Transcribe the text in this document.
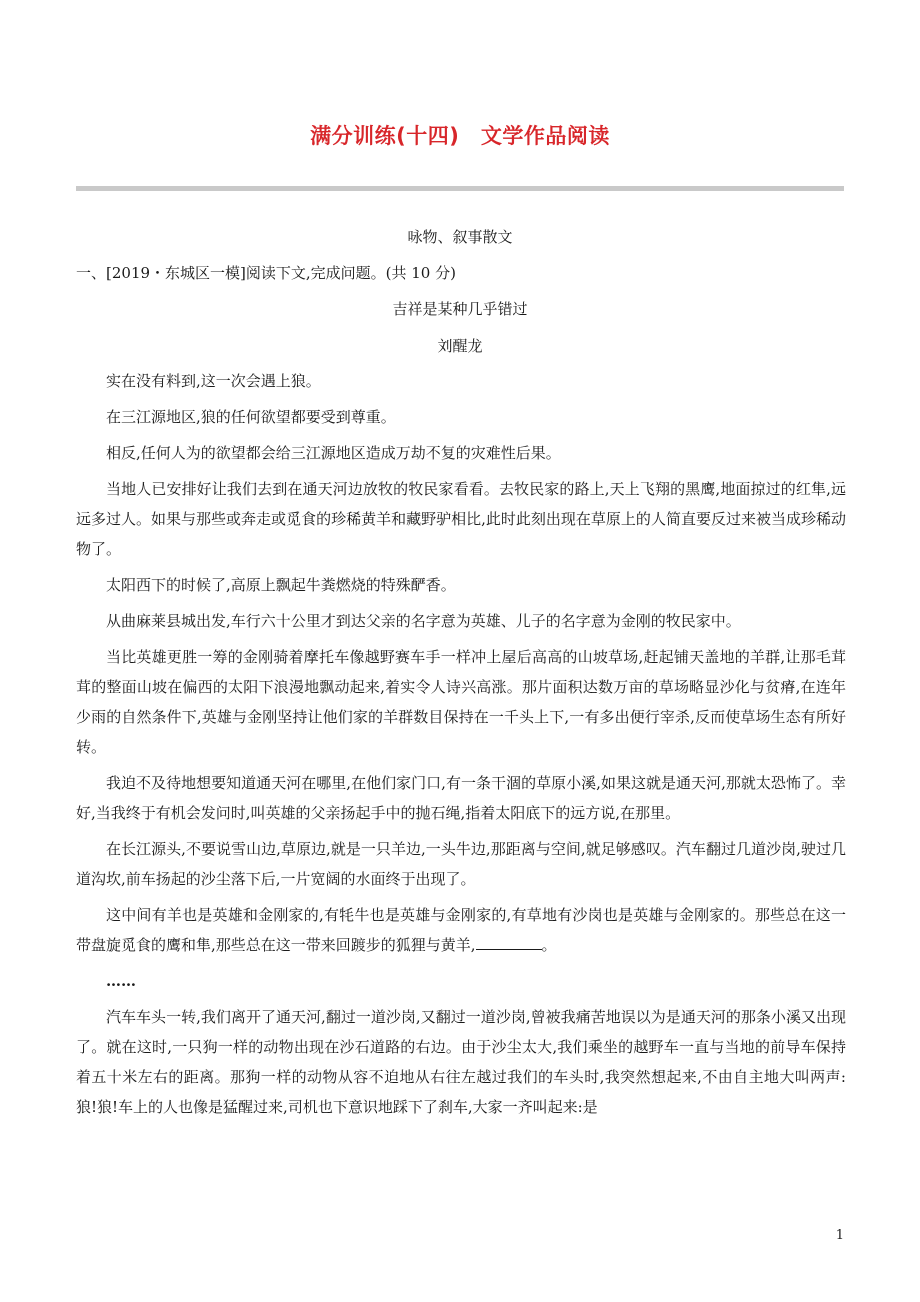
满分训练(十四)　文学作品阅读
咏物、叙事散文
一、[2019・东城区一模]阅读下文,完成问题。(共 10 分)
吉祥是某种几乎错过
刘醒龙

实在没有料到,这一次会遇上狼。

在三江源地区,狼的任何欲望都要受到尊重。

相反,任何人为的欲望都会给三江源地区造成万劫不复的灾难性后果。

当地人已安排好让我们去到在通天河边放牧的牧民家看看。去牧民家的路上,天上飞翔的黑鹰,地面掠过的红隼,远远多过人。如果与那些或奔走或觅食的珍稀黄羊和藏野驴相比,此时此刻出现在草原上的人简直要反过来被当成珍稀动物了。

太阳西下的时候了,高原上飘起牛粪燃烧的特殊酽香。

从曲麻莱县城出发,车行六十公里才到达父亲的名字意为英雄、儿子的名字意为金刚的牧民家中。

当比英雄更胜一筹的金刚骑着摩托车像越野赛车手一样冲上屋后高高的山坡草场,赶起铺天盖地的羊群,让那毛茸茸的整面山坡在偏西的太阳下浪漫地飘动起来,着实令人诗兴高涨。那片面积达数万亩的草场略显沙化与贫瘠,在连年少雨的自然条件下,英雄与金刚坚持让他们家的羊群数目保持在一千头上下,一有多出便行宰杀,反而使草场生态有所好转。

我迫不及待地想要知道通天河在哪里,在他们家门口,有一条干涸的草原小溪,如果这就是通天河,那就太恐怖了。幸好,当我终于有机会发问时,叫英雄的父亲扬起手中的抛石绳,指着太阳底下的远方说,在那里。

在长江源头,不要说雪山边,草原边,就是一只羊边,一头牛边,那距离与空间,就足够感叹。汽车翻过几道沙岗,驶过几道沟坎,前车扬起的沙尘落下后,一片宽阔的水面终于出现了。

这中间有羊也是英雄和金刚家的,有牦牛也是英雄与金刚家的,有草地有沙岗也是英雄与金刚家的。那些总在这一带盘旋觅食的鹰和隼,那些总在这一带来回踱步的狐狸与黄羊,	。

……

汽车车头一转,我们离开了通天河,翻过一道沙岗,又翻过一道沙岗,曾被我痛苦地误以为是通天河的那条小溪又出现了。就在这时,一只狗一样的动物出现在沙石道路的右边。由于沙尘太大,我们乘坐的越野车一直与当地的前导车保持着五十米左右的距离。那狗一样的动物从容不迫地从右往左越过我们的车头时,我突然想起来,不由自主地大叫两声:狼!狼!车上的人也像是猛醒过来,司机也下意识地踩下了刹车,大家一齐叫起来:是

1
